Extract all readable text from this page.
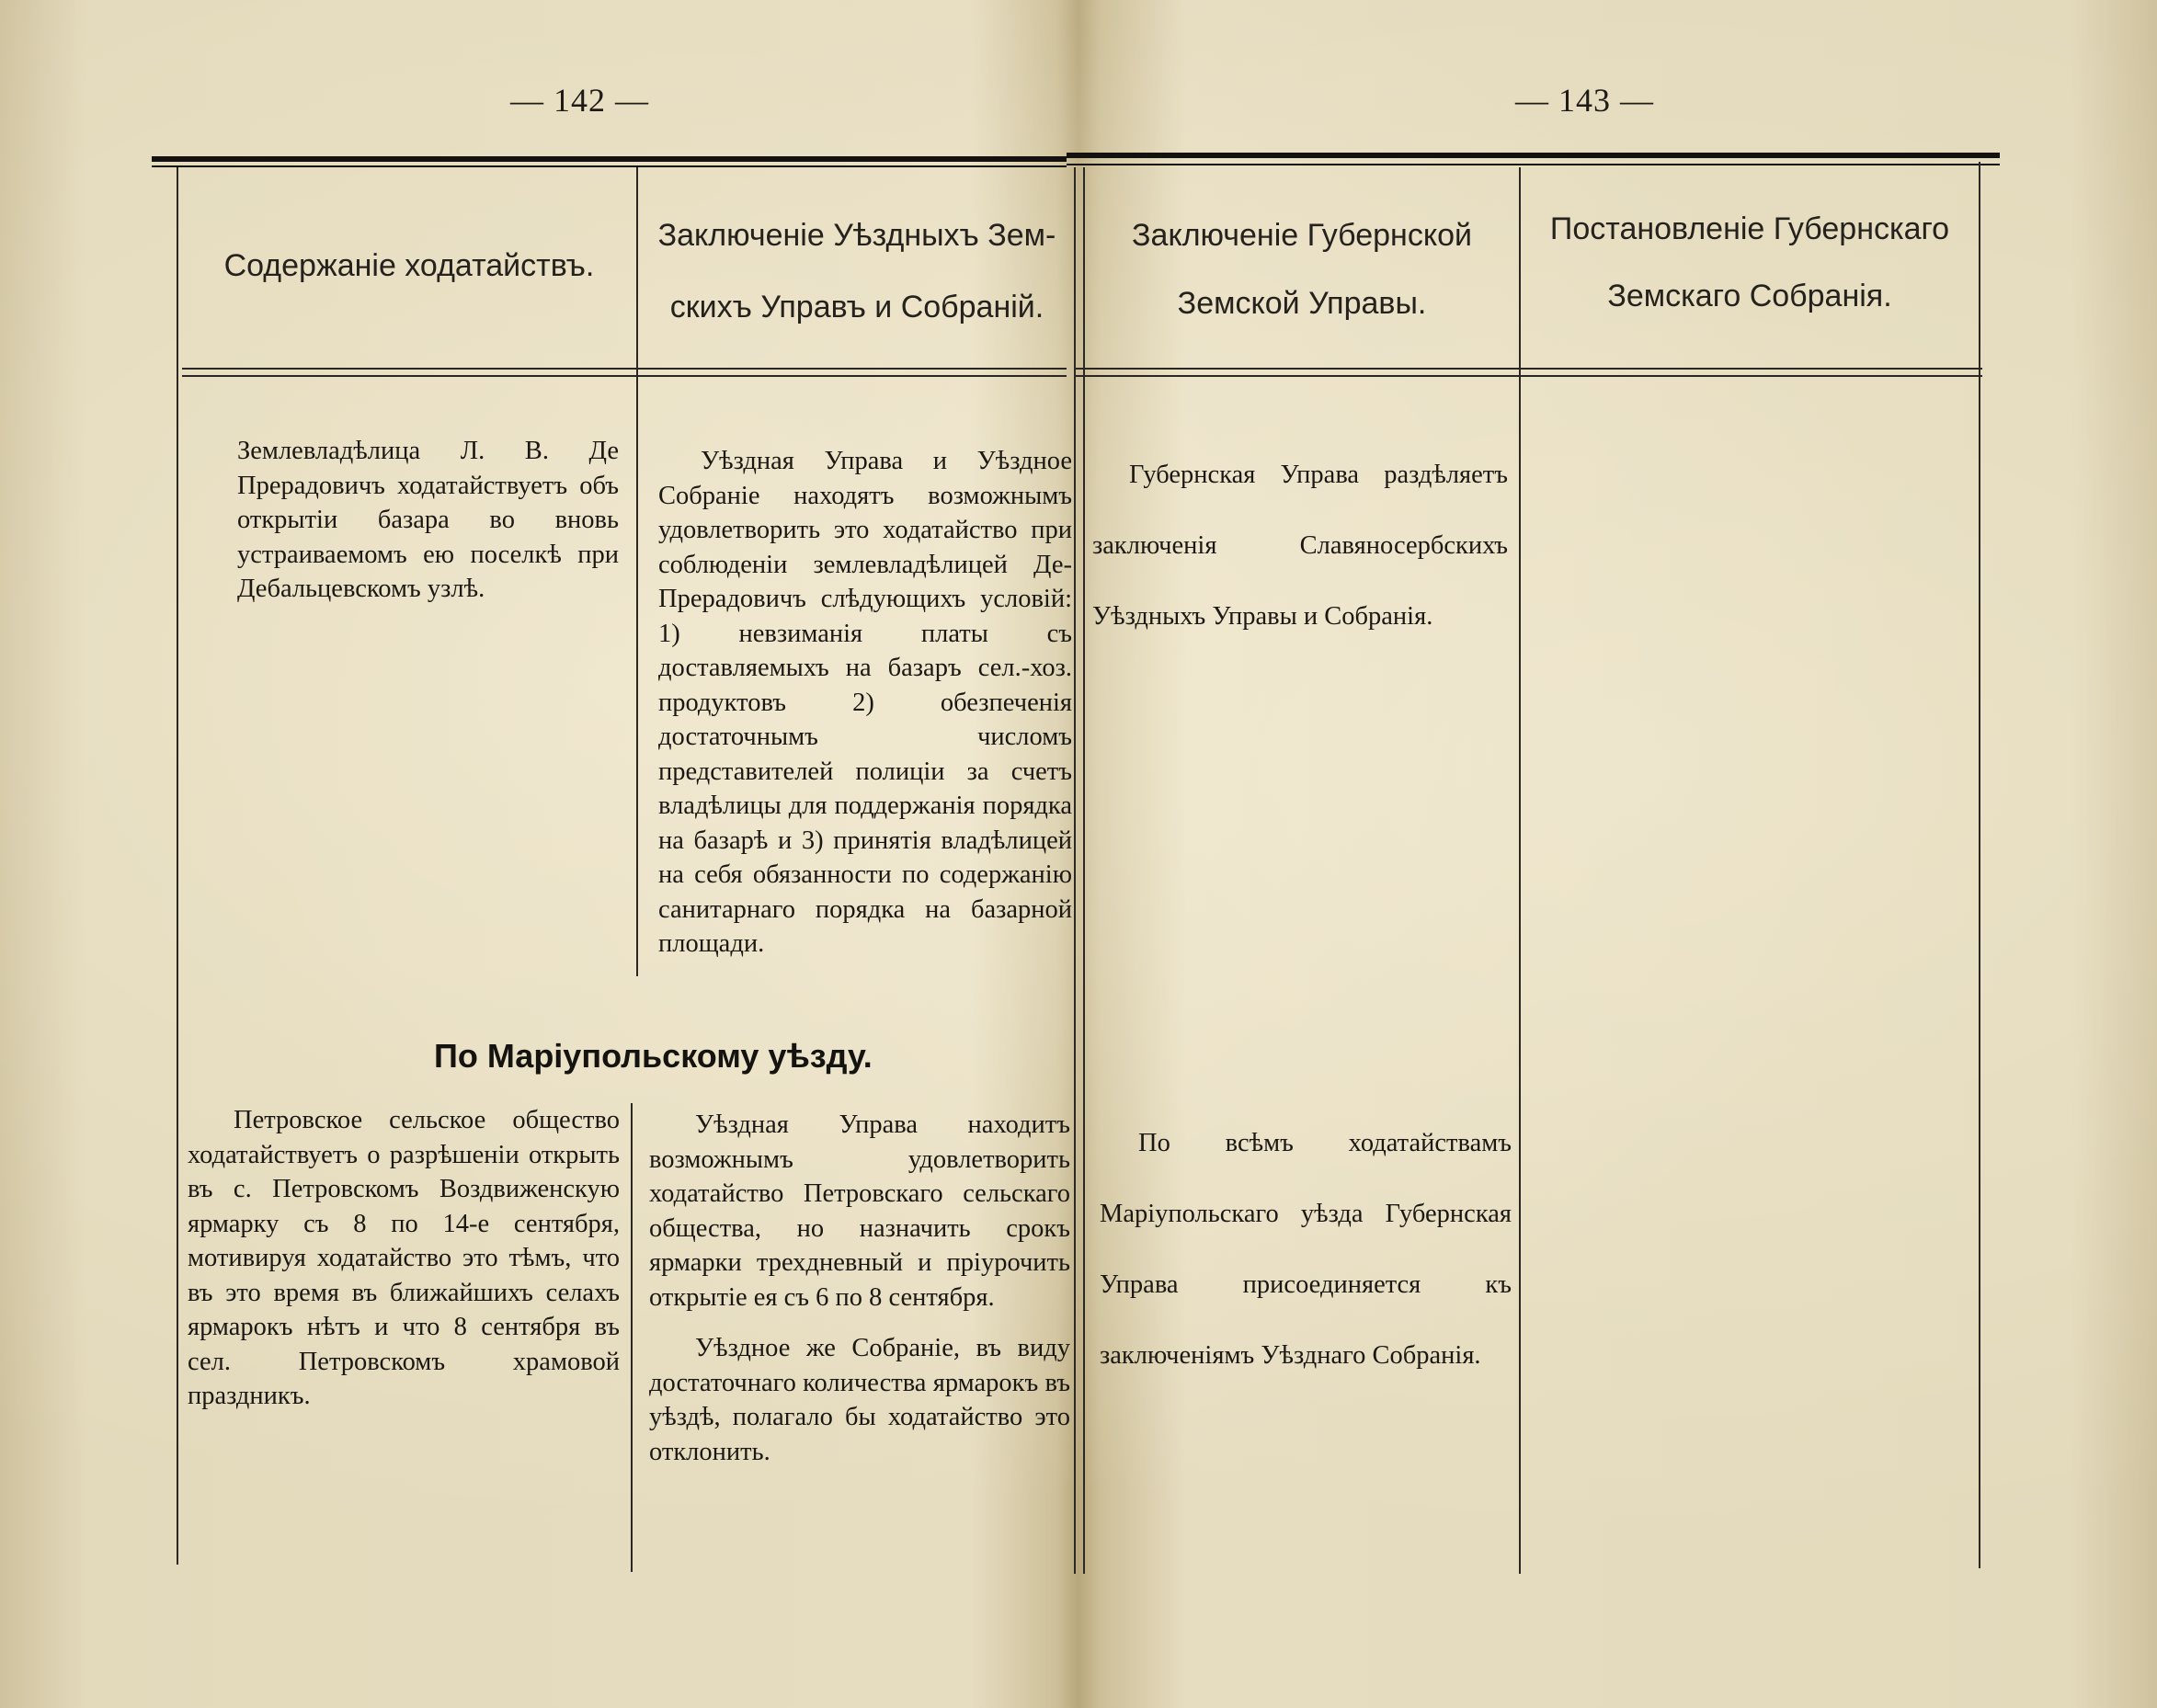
— 142 —	— 143 —
Содержаніе ходатайствъ.
Заключеніе Уѣздныхъ Зем-
скихъ Управъ и Собраній.
Заключеніе Губернской
Земской Управы.
Постановленіе Губернскаго
Земскаго Собранія.

Землевладѣлица Л. В. Де Прерадовичъ ходатайствуетъ объ открытіи базара во вновь устраиваемомъ ею поселкѣ при Дебальцевскомъ узлѣ.

Уѣздная Управа и Уѣздное Собраніе находятъ возможнымъ удовлетворить это ходатайство при соблюденіи землевладѣлицей Де-Прерадовичъ слѣдующихъ условій: 1) невзиманія платы съ доставляемыхъ на базаръ сел.-хоз. продуктовъ 2) обезпеченія достаточнымъ числомъ представителей полиціи за счетъ владѣлицы для поддержанія порядка на базарѣ и 3) принятія владѣлицей на себя обязанности по содержанію санитарнаго порядка на базарной площади.

Губернская Управа раздѣляетъ заключенія Славяносербскихъ Уѣздныхъ Управы и Собранія.

По Маріупольскому уѣзду.

Петровское сельское общество ходатайствуетъ о разрѣшеніи открыть въ с. Петровскомъ Воздвиженскую ярмарку съ 8 по 14-е сентября, мотивируя ходатайство это тѣмъ, что въ это время въ ближайшихъ селахъ ярмарокъ нѣтъ и что 8 сентября въ сел. Петровскомъ храмовой праздникъ.

Уѣздная Управа находитъ возможнымъ удовлетворить ходатайство Петровскаго сельскаго общества, но назначить срокъ ярмарки трехдневный и пріурочить открытіе ея съ 6 по 8 сентября.

Уѣздное же Собраніе, въ виду достаточнаго количества ярмарокъ въ уѣздѣ, полагало бы ходатайство это отклонить.

По всѣмъ ходатайствамъ Маріупольскаго уѣзда Губернская Управа присоединяется къ заключеніямъ Уѣзднаго Собранія.
